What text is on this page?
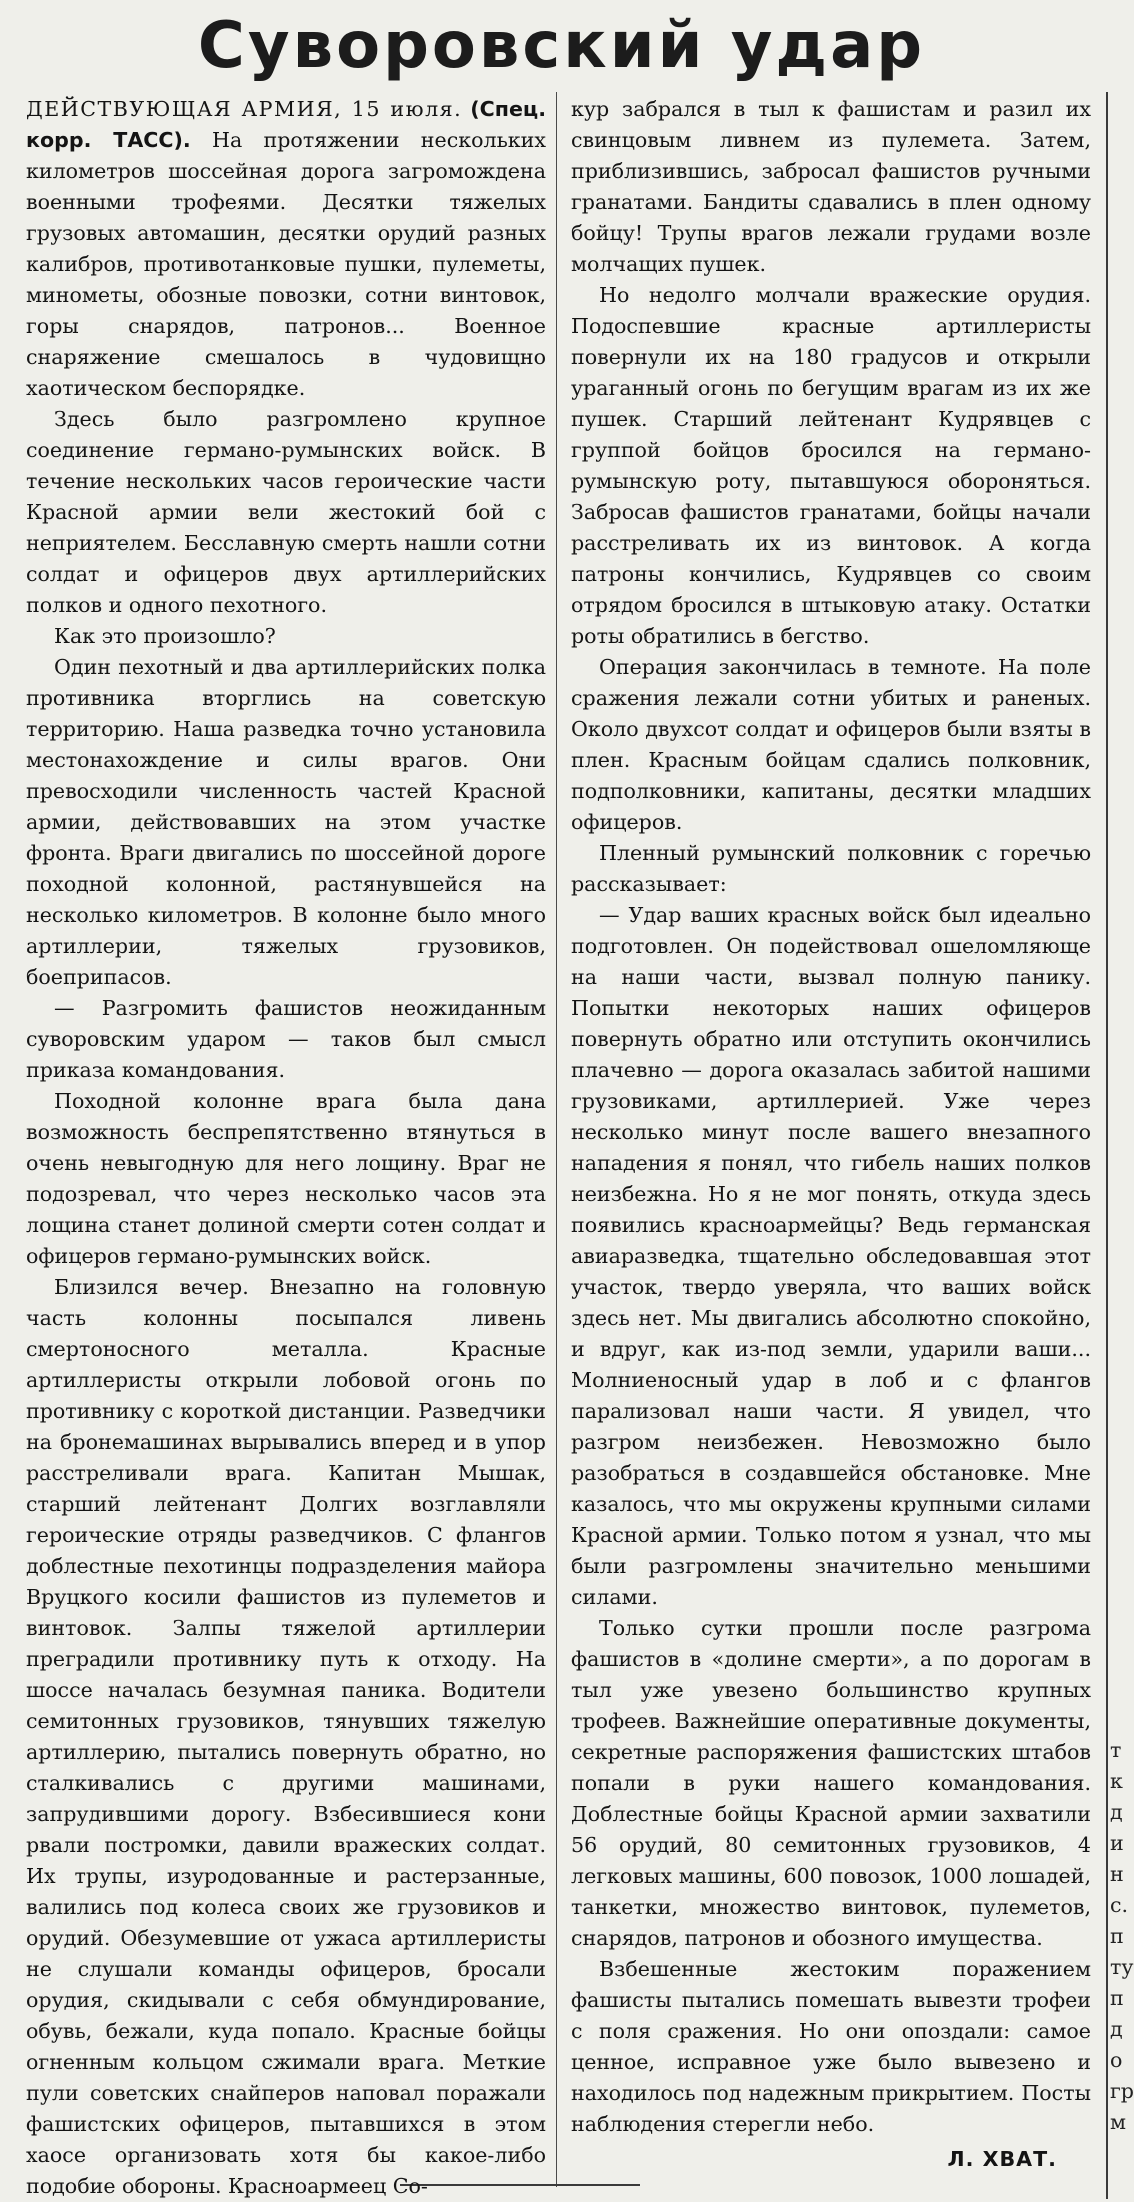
Суворовский удар

ДЕЙСТВУЮЩАЯ АРМИЯ, 15 июля. (Спец. корр. ТАСС). На протяжении нескольких километров шоссейная дорога загромождена военными трофеями. Десятки тяжелых грузовых автомашин, десятки орудий разных калибров, противотанковые пушки, пулеметы, минометы, обозные повозки, сотни винтовок, горы снарядов, патронов... Военное снаряжение смешалось в чудовищно хаотическом беспорядке.

Здесь было разгромлено крупное соединение германо-румынских войск. В течение нескольких часов героические части Красной армии вели жестокий бой с неприятелем. Бесславную смерть нашли сотни солдат и офицеров двух артиллерийских полков и одного пехотного.

Как это произошло?

Один пехотный и два артиллерийских полка противника вторглись на советскую территорию. Наша разведка точно установила местонахождение и силы врагов. Они превосходили численность частей Красной армии, действовавших на этом участке фронта. Враги двигались по шоссейной дороге походной колонной, растянувшейся на несколько километров. В колонне было много артиллерии, тяжелых грузовиков, боеприпасов.

— Разгромить фашистов неожиданным суворовским ударом — таков был смысл приказа командования.

Походной колонне врага была дана возможность беспрепятственно втянуться в очень невыгодную для него лощину. Враг не подозревал, что через несколько часов эта лощина станет долиной смерти сотен солдат и офицеров германо-румынских войск.

Близился вечер. Внезапно на головную часть колонны посыпался ливень смертоносного металла. Красные артиллеристы открыли лобовой огонь по противнику с короткой дистанции. Разведчики на бронемашинах вырывались вперед и в упор расстреливали врага. Капитан Мышак, старший лейтенант Долгих возглавляли героические отряды разведчиков. С флангов доблестные пехотинцы подразделения майора Вруцкого косили фашистов из пулеметов и винтовок. Залпы тяжелой артиллерии преградили противнику путь к отходу. На шоссе началась безумная паника. Водители семитонных грузовиков, тянувших тяжелую артиллерию, пытались повернуть обратно, но сталкивались с другими машинами, запрудившими дорогу. Взбесившиеся кони рвали постромки, давили вражеских солдат. Их трупы, изуродованные и растерзанные, валились под колеса своих же грузовиков и орудий. Обезумевшие от ужаса артиллеристы не слушали команды офицеров, бросали орудия, скидывали с себя обмундирование, обувь, бежали, куда попало. Красные бойцы огненным кольцом сжимали врага. Меткие пули советских снайперов наповал поражали фашистских офицеров, пытавшихся в этом хаосе организовать хотя бы какое-либо подобие обороны. Красноармеец Со-

кур забрался в тыл к фашистам и разил их свинцовым ливнем из пулемета. Затем, приблизившись, забросал фашистов ручными гранатами. Бандиты сдавались в плен одному бойцу! Трупы врагов лежали грудами возле молчащих пушек.

Но недолго молчали вражеские орудия. Подоспевшие красные артиллеристы повернули их на 180 градусов и открыли ураганный огонь по бегущим врагам из их же пушек. Старший лейтенант Кудрявцев с группой бойцов бросился на германо-румынскую роту, пытавшуюся обороняться. Забросав фашистов гранатами, бойцы начали расстреливать их из винтовок. А когда патроны кончились, Кудрявцев со своим отрядом бросился в штыковую атаку. Остатки роты обратились в бегство.

Операция закончилась в темноте. На поле сражения лежали сотни убитых и раненых. Около двухсот солдат и офицеров были взяты в плен. Красным бойцам сдались полковник, подполковники, капитаны, десятки младших офицеров.

Пленный румынский полковник с горечью рассказывает:

— Удар ваших красных войск был идеально подготовлен. Он подействовал ошеломляюще на наши части, вызвал полную панику. Попытки некоторых наших офицеров повернуть обратно или отступить окончились плачевно — дорога оказалась забитой нашими грузовиками, артиллерией. Уже через несколько минут после вашего внезапного нападения я понял, что гибель наших полков неизбежна. Но я не мог понять, откуда здесь появились красноармейцы? Ведь германская авиаразведка, тщательно обследовавшая этот участок, твердо уверяла, что ваших войск здесь нет. Мы двигались абсолютно спокойно, и вдруг, как из-под земли, ударили ваши... Молниеносный удар в лоб и с флангов парализовал наши части. Я увидел, что разгром неизбежен. Невозможно было разобраться в создавшейся обстановке. Мне казалось, что мы окружены крупными силами Красной армии. Только потом я узнал, что мы были разгромлены значительно меньшими силами.

Только сутки прошли после разгрома фашистов в «долине смерти», а по дорогам в тыл уже увезено большинство крупных трофеев. Важнейшие оперативные документы, секретные распоряжения фашистских штабов попали в руки нашего командования. Доблестные бойцы Красной армии захватили 56 орудий, 80 семитонных грузовиков, 4 легковых машины, 600 повозок, 1000 лошадей, танкетки, множество винтовок, пулеметов, снарядов, патронов и обозного имущества.

Взбешенные жестоким поражением фашисты пытались помешать вывезти трофеи с поля сражения. Но они опоздали: самое ценное, исправное уже было вывезено и находилось под надежным прикрытием. Посты наблюдения стерегли небо.
Л. ХВАТ.

т
к
д
и
н
с.
п
ту
п
д
о
гр
м
